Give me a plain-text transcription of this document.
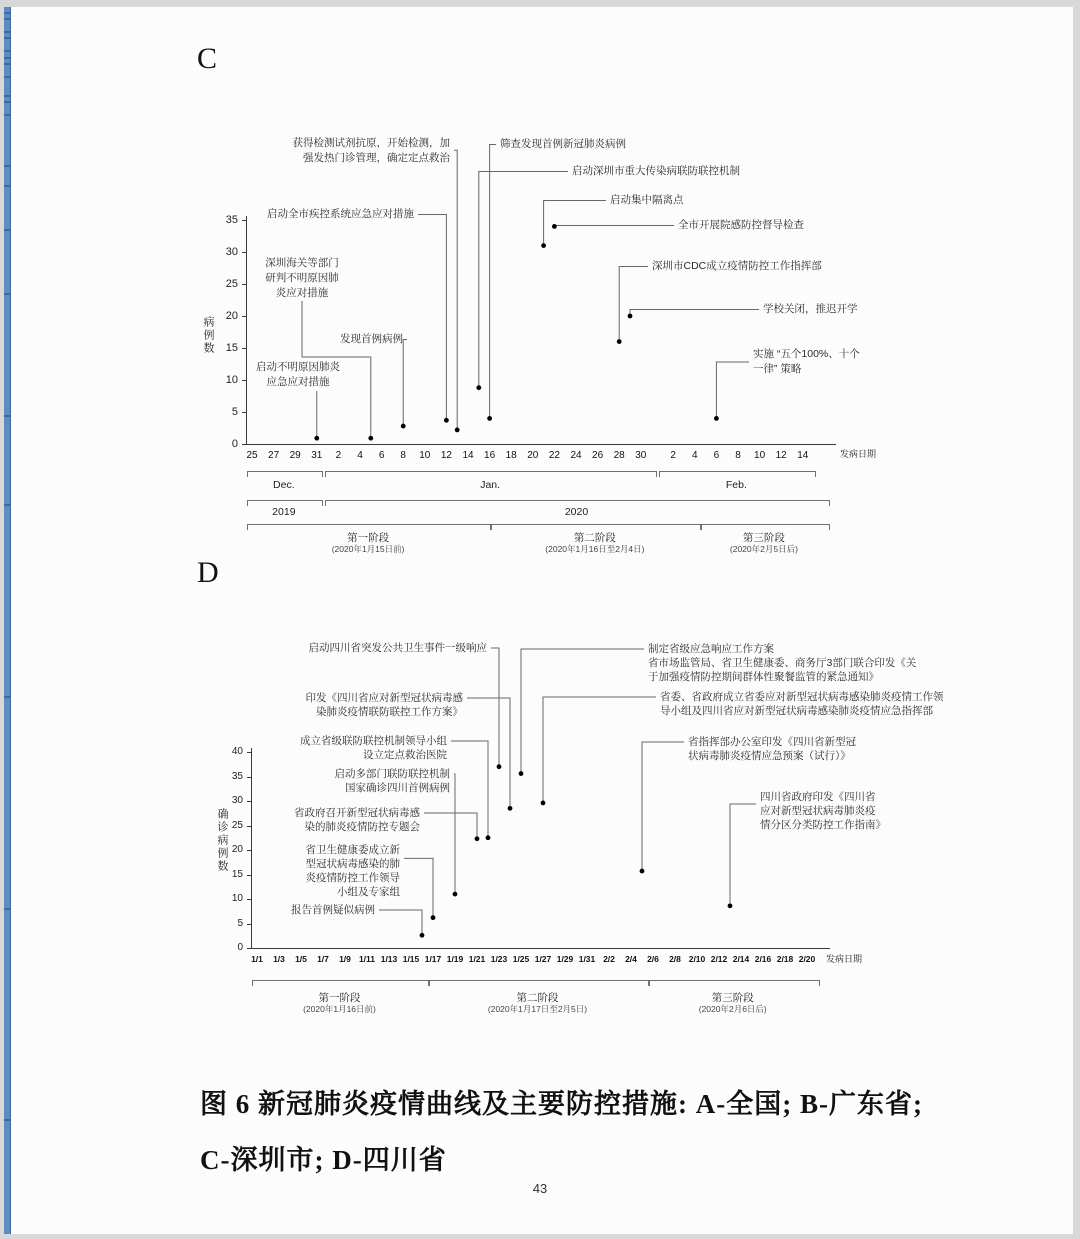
C
D
图 6 新冠肺炎疫情曲线及主要防控措施: A-全国; B-广东省;
C-深圳市; D-四川省
43
0
5
10
15
20
25
30
35
病例数
25	27	29	31	2	4	6	8	10	12	14	16	18	20	22	24	26	28	30	2	4	6	8	10	12	14	发病日期
Dec.	Jan.	Feb.
2019	2020
第一阶段
(2020年1月15日前)
第二阶段
(2020年1月16日至2月4日)
第三阶段
(2020年2月5日后)
获得检测试剂抗原，开始检测，加
强发热门诊管理，确定定点救治
筛查发现首例新冠肺炎病例
启动深圳市重大传染病联防联控机制
启动集中隔离点
启动全市疾控系统应急应对措施
深圳海关等部门
研判不明原因肺
炎应对措施
发现首例病例
启动不明原因肺炎
应急应对措施
全市开展院感防控督导检查
深圳市CDC成立疫情防控工作指挥部
学校关闭，推迟开学
实施 “五个100%、十个
一律” 策略
0
5
10
15
20
25
30
35
40
确诊病例数
1/1	1/3	1/5	1/7	1/9 1/11 1/13 1/15 1/17 1/19 1/21 1/23 1/25 1/27 1/29 1/31 2/2	2/4	2/6	2/8 2/10 2/12 2/14 2/16 2/18 2/20	发病日期
第一阶段
(2020年1月16日前)
第二阶段
(2020年1月17日至2月5日)
第三阶段
(2020年2月6日后)
启动四川省突发公共卫生事件一级响应
印发《四川省应对新型冠状病毒感
染肺炎疫情联防联控工作方案》
成立省级联防联控机制领导小组
设立定点救治医院
启动多部门联防联控机制
国家确诊四川首例病例
省政府召开新型冠状病毒感
染的肺炎疫情防控专题会
省卫生健康委成立新
型冠状病毒感染的肺
炎疫情防控工作领导
小组及专家组
报告首例疑似病例
制定省级应急响应工作方案
省市场监管局、省卫生健康委、商务厅3部门联合印发《关
于加强疫情防控期间群体性聚餐监管的紧急通知》
省委、省政府成立省委应对新型冠状病毒感染肺炎疫情工作领
导小组及四川省应对新型冠状病毒感染肺炎疫情应急指挥部
省指挥部办公室印发《四川省新型冠
状病毒肺炎疫情应急预案（试行）》
四川省政府印发《四川省
应对新型冠状病毒肺炎疫
情分区分类防控工作指南》
